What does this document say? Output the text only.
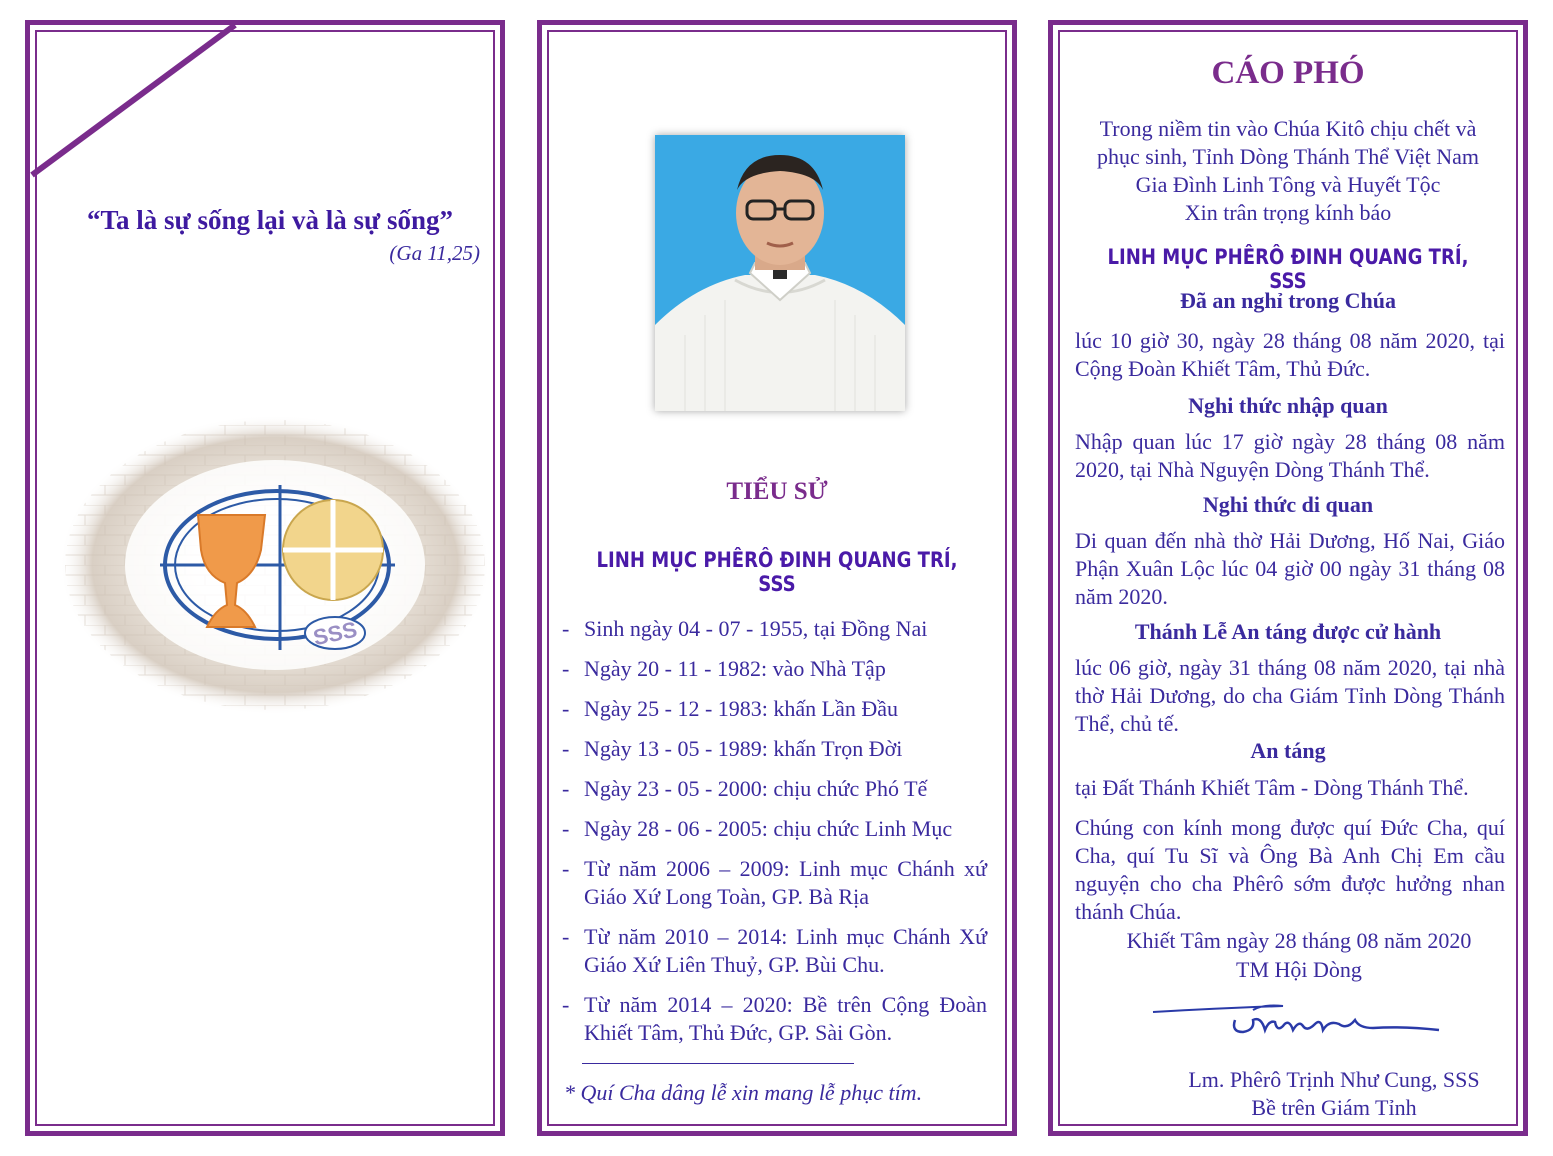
“Ta là sự sống lại và là sự sống”
(Ga 11,25)
SSS
TIỂU SỬ
LINH MỤC PHÊRÔ ĐINH QUANG TRÍ, SSS
- Sinh ngày 04 - 07 - 1955, tại Đồng Nai
- Ngày 20 - 11 - 1982: vào Nhà Tập
- Ngày 25 - 12 - 1983: khấn Lần Đầu
- Ngày 13 - 05 - 1989: khấn Trọn Đời
- Ngày 23 - 05 - 2000: chịu chức Phó Tế
- Ngày 28 - 06 - 2005: chịu chức Linh Mục
- Từ năm 2006 – 2009: Linh mục Chánh xứ Giáo Xứ Long Toàn, GP. Bà Rịa
- Từ năm 2010 – 2014: Linh mục Chánh Xứ Giáo Xứ Liên Thuỷ, GP. Bùi Chu.
- Từ năm 2014 – 2020: Bề trên Cộng Đoàn Khiết Tâm, Thủ Đức, GP. Sài Gòn.
* Quí Cha dâng lễ xin mang lễ phục tím.
CÁO PHÓ
Trong niềm tin vào Chúa Kitô chịu chết và
phục sinh, Tỉnh Dòng Thánh Thể Việt Nam
Gia Đình Linh Tông và Huyết Tộc
Xin trân trọng kính báo
LINH MỤC PHÊRÔ ĐINH QUANG TRÍ, SSS
Đã an nghỉ trong Chúa
lúc 10 giờ 30, ngày 28 tháng 08 năm 2020, tại Cộng Đoàn Khiết Tâm, Thủ Đức.
Nghi thức nhập quan
Nhập quan lúc 17 giờ ngày 28 tháng 08 năm 2020, tại Nhà Nguyện Dòng Thánh Thể.
Nghi thức di quan
Di quan đến nhà thờ Hải Dương, Hố Nai, Giáo Phận Xuân Lộc lúc 04 giờ 00 ngày 31 tháng 08 năm 2020.
Thánh Lễ An táng được cử hành
lúc 06 giờ, ngày 31 tháng 08 năm 2020, tại nhà thờ Hải Dương, do cha Giám Tỉnh Dòng Thánh Thể, chủ tế.
An táng
tại Đất Thánh Khiết Tâm - Dòng Thánh Thể.
Chúng con kính mong được quí Đức Cha, quí Cha, quí Tu Sĩ và Ông Bà Anh Chị Em cầu nguyện cho cha Phêrô sớm được hưởng nhan thánh Chúa.
Khiết Tâm ngày 28 tháng 08 năm 2020
TM Hội Dòng
Lm. Phêrô Trịnh Như Cung, SSS
Bề trên Giám Tỉnh
